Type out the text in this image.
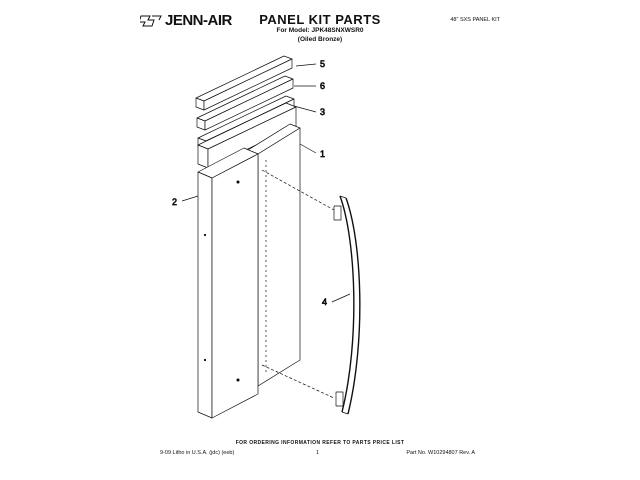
JENN-AIR	PANEL KIT PARTS
For Model: JPK48SNXWSR0
(Oiled Bronze)
48" SXS PANEL KIT
5
6
3
1
2
4
FOR ORDERING INFORMATION REFER TO PARTS PRICE LIST
9-09 Litho in U.S.A. (jdc) (eeb)	1	Part No. W10294807 Rev. A
